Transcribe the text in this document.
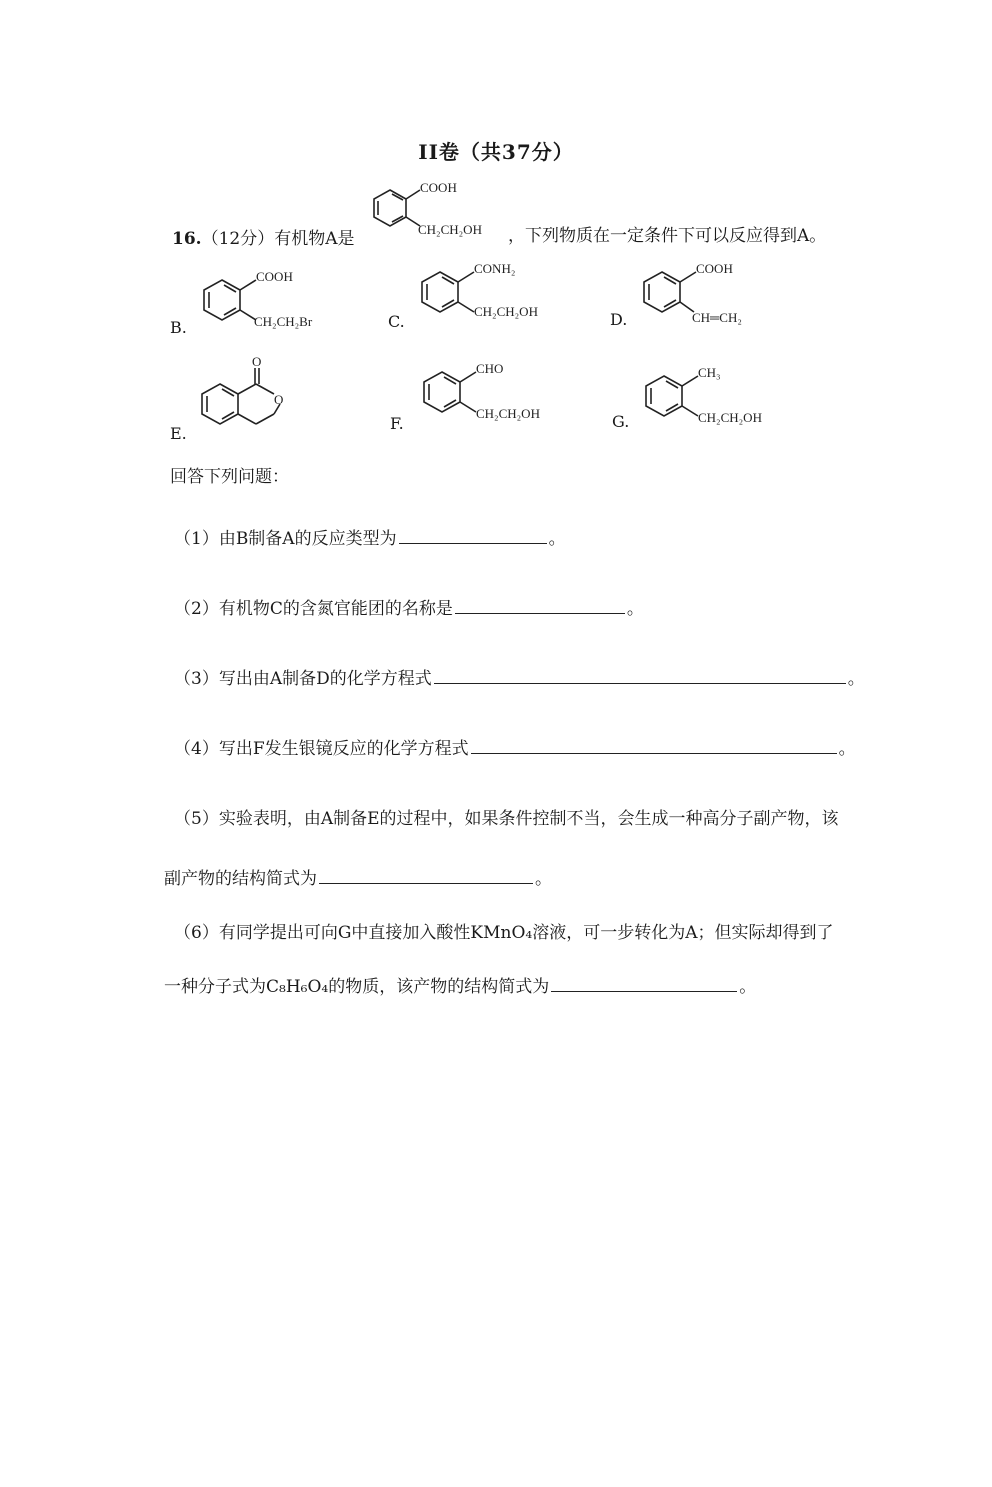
II卷（共37分）
16.（12分）有机物A是
COOH
CH₂CH₂OH ，下列物质在一定条件下可以反应得到A。
B.
COOH
CH₂CH₂Br	C.
CONH₂
CH₂CH₂OH	D.
COOH
CH═CH₂
E.
O
O
F.
CHO
CH₂CH₂OH	G.
CH₃
CH₂CH₂OH
回答下列问题：
（1）由B制备A的反应类型为	。
（2）有机物C的含氮官能团的名称是	。
（3）写出由A制备D的化学方程式	。
（4）写出F发生银镜反应的化学方程式	。
（5）实验表明，由A制备E的过程中，如果条件控制不当，会生成一种高分子副产物，该
副产物的结构简式为	。
（6）有同学提出可向G中直接加入酸性KMnO₄溶液，可一步转化为A；但实际却得到了
一种分子式为C₈H₆O₄的物质，该产物的结构简式为	。
